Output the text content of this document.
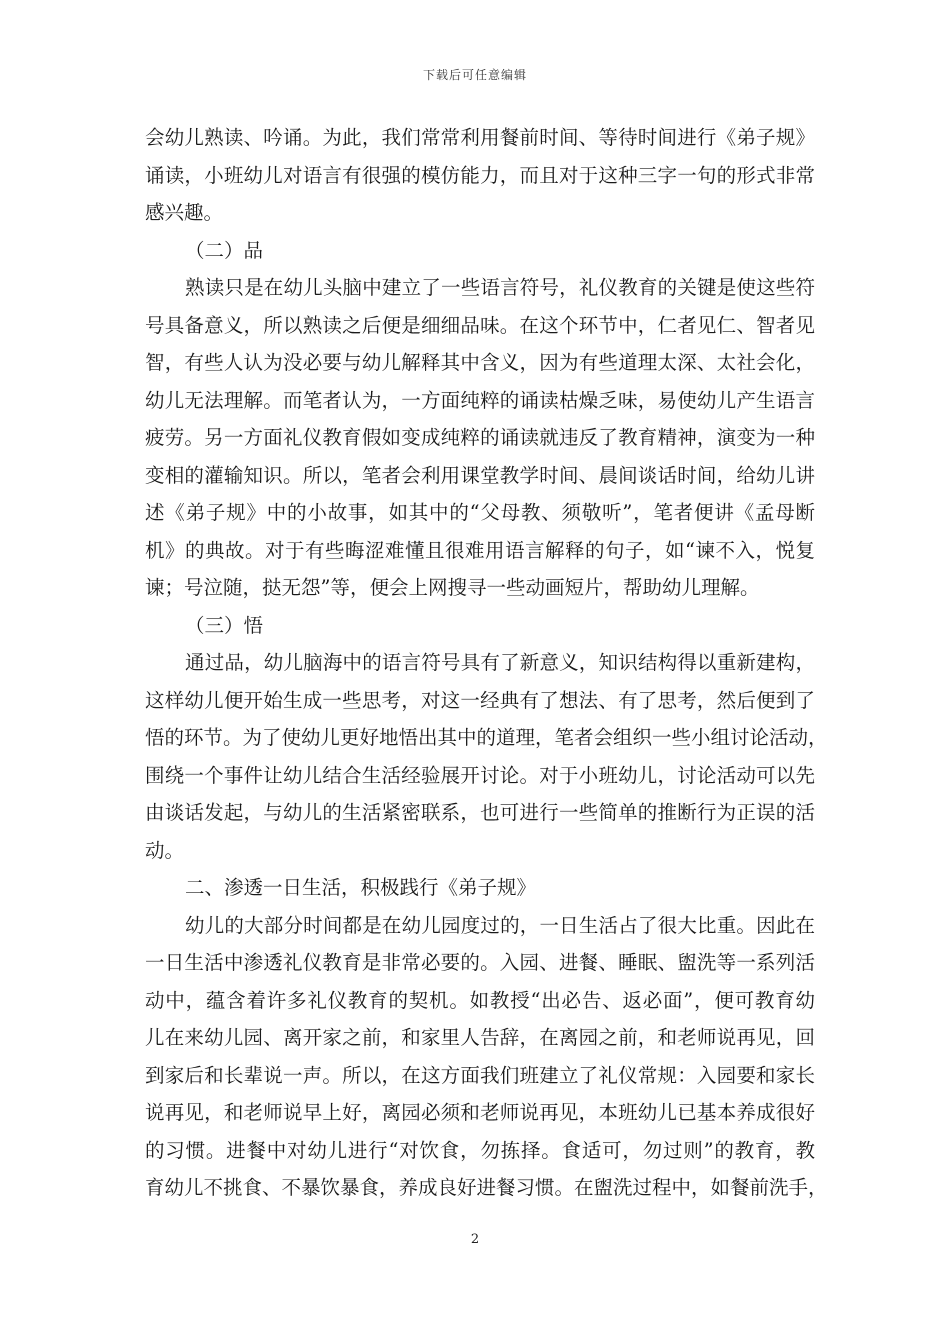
下载后可任意编辑
会幼儿熟读、吟诵。为此，我们常常利用餐前时间、等待时间进行《弟子规》
诵读，小班幼儿对语言有很强的模仿能力，而且对于这种三字一句的形式非常
感兴趣。
（二）品
熟读只是在幼儿头脑中建立了一些语言符号，礼仪教育的关键是使这些符
号具备意义，所以熟读之后便是细细品味。在这个环节中，仁者见仁、智者见
智，有些人认为没必要与幼儿解释其中含义，因为有些道理太深、太社会化，
幼儿无法理解。而笔者认为，一方面纯粹的诵读枯燥乏味，易使幼儿产生语言
疲劳。另一方面礼仪教育假如变成纯粹的诵读就违反了教育精神，演变为一种
变相的灌输知识。所以，笔者会利用课堂教学时间、晨间谈话时间，给幼儿讲
述《弟子规》中的小故事，如其中的“父母教、须敬听”，笔者便讲《孟母断
机》的典故。对于有些晦涩难懂且很难用语言解释的句子，如“谏不入，悦复
谏；号泣随，挞无怨”等，便会上网搜寻一些动画短片，帮助幼儿理解。
（三）悟
通过品，幼儿脑海中的语言符号具有了新意义，知识结构得以重新建构，
这样幼儿便开始生成一些思考，对这一经典有了想法、有了思考，然后便到了
悟的环节。为了使幼儿更好地悟出其中的道理，笔者会组织一些小组讨论活动，
围绕一个事件让幼儿结合生活经验展开讨论。对于小班幼儿，讨论活动可以先
由谈话发起，与幼儿的生活紧密联系，也可进行一些简单的推断行为正误的活
动。
二、渗透一日生活，积极践行《弟子规》
幼儿的大部分时间都是在幼儿园度过的，一日生活占了很大比重。因此在
一日生活中渗透礼仪教育是非常必要的。入园、进餐、睡眠、盥洗等一系列活
动中，蕴含着许多礼仪教育的契机。如教授“出必告、返必面”，便可教育幼
儿在来幼儿园、离开家之前，和家里人告辞，在离园之前，和老师说再见，回
到家后和长辈说一声。所以，在这方面我们班建立了礼仪常规：入园要和家长
说再见，和老师说早上好，离园必须和老师说再见，本班幼儿已基本养成很好
的习惯。进餐中对幼儿进行“对饮食，勿拣择。食适可，勿过则”的教育，教
育幼儿不挑食、不暴饮暴食，养成良好进餐习惯。在盥洗过程中，如餐前洗手，
2
